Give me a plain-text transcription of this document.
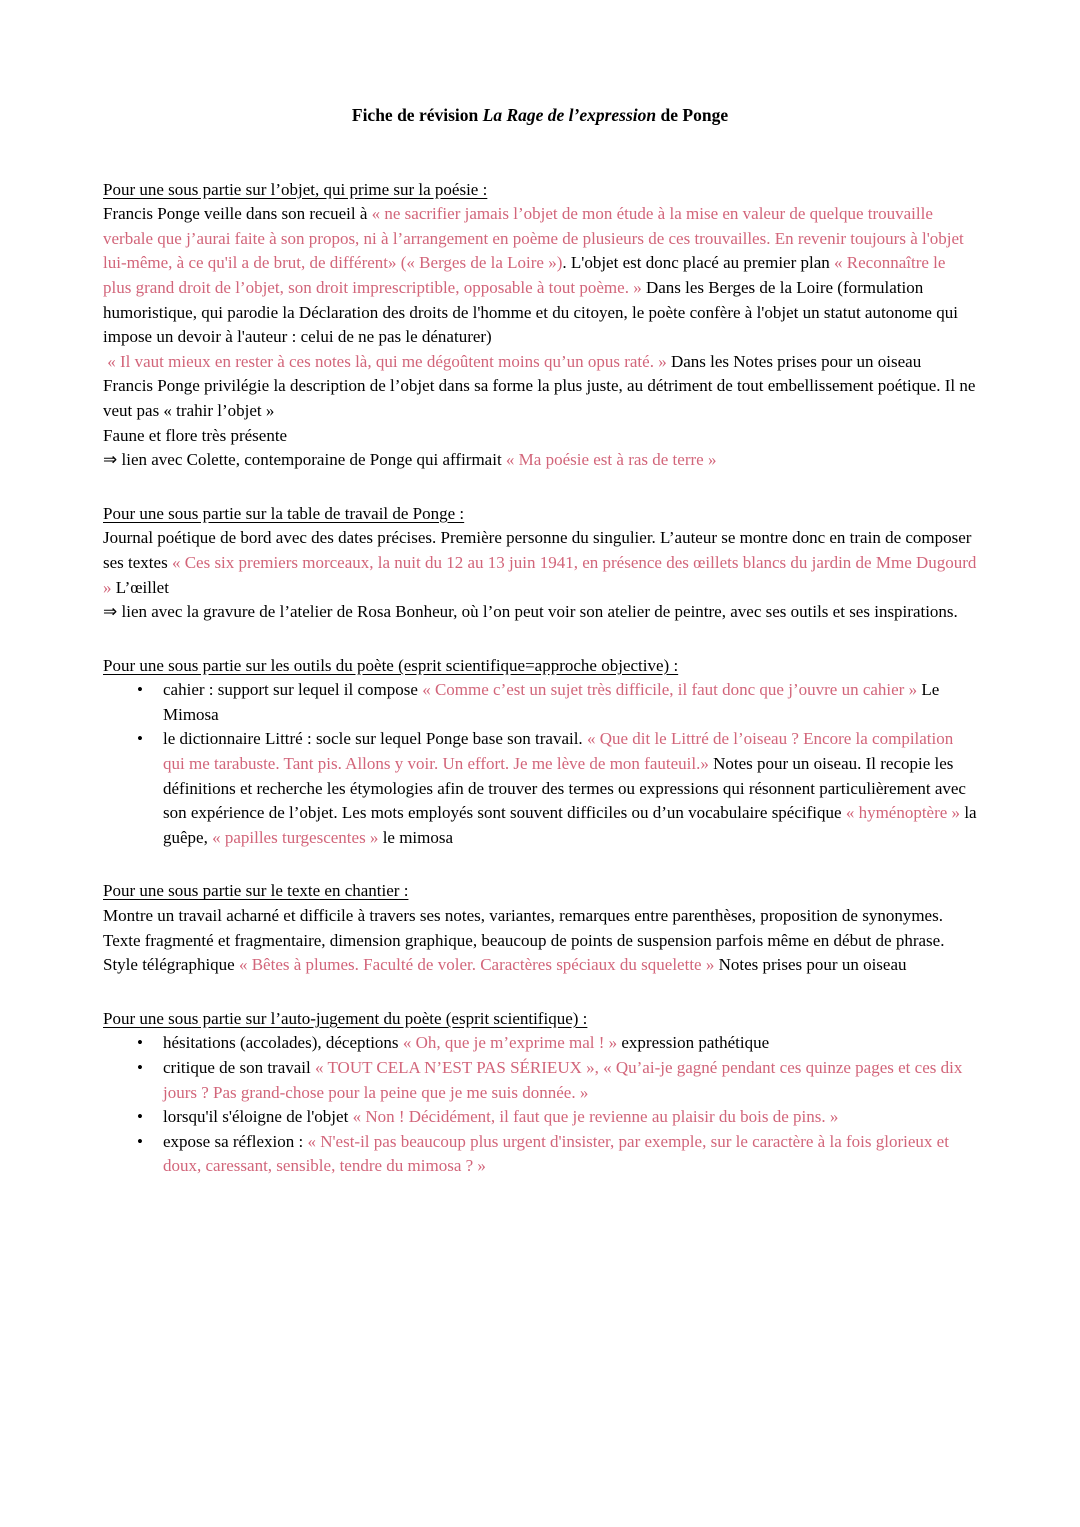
Fiche de révision La Rage de l’expression de Ponge
Pour une sous partie sur l’objet, qui prime sur la poésie :

Francis Ponge veille dans son recueil à « ne sacrifier jamais l’objet de mon étude à la mise en valeur de quelque trouvaille verbale que j’aurai faite à son propos, ni à l’arrangement en poème de plusieurs de ces trouvailles. En revenir toujours à l'objet lui-même, à ce qu'il a de brut, de différent» (« Berges de la Loire »). L'objet est donc placé au premier plan « Reconnaître le plus grand droit de l’objet, son droit imprescriptible, opposable à tout poème. » Dans les Berges de la Loire (formulation humoristique, qui parodie la Déclaration des droits de l'homme et du citoyen, le poète confère à l'objet un statut autonome qui impose un devoir à l'auteur : celui de ne pas le dénaturer)

« Il vaut mieux en rester à ces notes là, qui me dégoûtent moins qu’un opus raté. » Dans les Notes prises pour un oiseau

Francis Ponge privilégie la description de l’objet dans sa forme la plus juste, au détriment de tout embellissement poétique. Il ne veut pas « trahir l’objet »

Faune et flore très présente

⇒ lien avec Colette, contemporaine de Ponge qui affirmait « Ma poésie est à ras de terre »

Pour une sous partie sur la table de travail de Ponge :

Journal poétique de bord avec des dates précises. Première personne du singulier. L’auteur se montre donc en train de composer ses textes « Ces six premiers morceaux, la nuit du 12 au 13 juin 1941, en présence des œillets blancs du jardin de Mme Dugourd » L’œillet

⇒ lien avec la gravure de l’atelier de Rosa Bonheur, où l’on peut voir son atelier de peintre, avec ses outils et ses inspirations.

Pour une sous partie sur les outils du poète (esprit scientifique=approche objective) :
• cahier : support sur lequel il compose « Comme c’est un sujet très difficile, il faut donc que j’ouvre un cahier » Le Mimosa
• le dictionnaire Littré : socle sur lequel Ponge base son travail. « Que dit le Littré de l’oiseau ? Encore la compilation qui me tarabuste. Tant pis. Allons y voir. Un effort. Je me lève de mon fauteuil.» Notes pour un oiseau. Il recopie les définitions et recherche les étymologies afin de trouver des termes ou expressions qui résonnent particulièrement avec son expérience de l’objet. Les mots employés sont souvent difficiles ou d’un vocabulaire spécifique « hyménoptère » la guêpe, « papilles turgescentes » le mimosa
Pour une sous partie sur le texte en chantier :

Montre un travail acharné et difficile à travers ses notes, variantes, remarques entre parenthèses, proposition de synonymes. Texte fragmenté et fragmentaire, dimension graphique, beaucoup de points de suspension parfois même en début de phrase.

Style télégraphique « Bêtes à plumes. Faculté de voler. Caractères spéciaux du squelette » Notes prises pour un oiseau

Pour une sous partie sur l’auto-jugement du poète (esprit scientifique) :
• hésitations (accolades), déceptions « Oh, que je m’exprime mal ! » expression pathétique
• critique de son travail « TOUT CELA N’EST PAS SÉRIEUX », « Qu’ai-je gagné pendant ces quinze pages et ces dix jours ? Pas grand-chose pour la peine que je me suis donnée. »
• lorsqu'il s'éloigne de l'objet « Non ! Décidément, il faut que je revienne au plaisir du bois de pins. »
• expose sa réflexion : « N'est-il pas beaucoup plus urgent d'insister, par exemple, sur le caractère à la fois glorieux et doux, caressant, sensible, tendre du mimosa ? »
